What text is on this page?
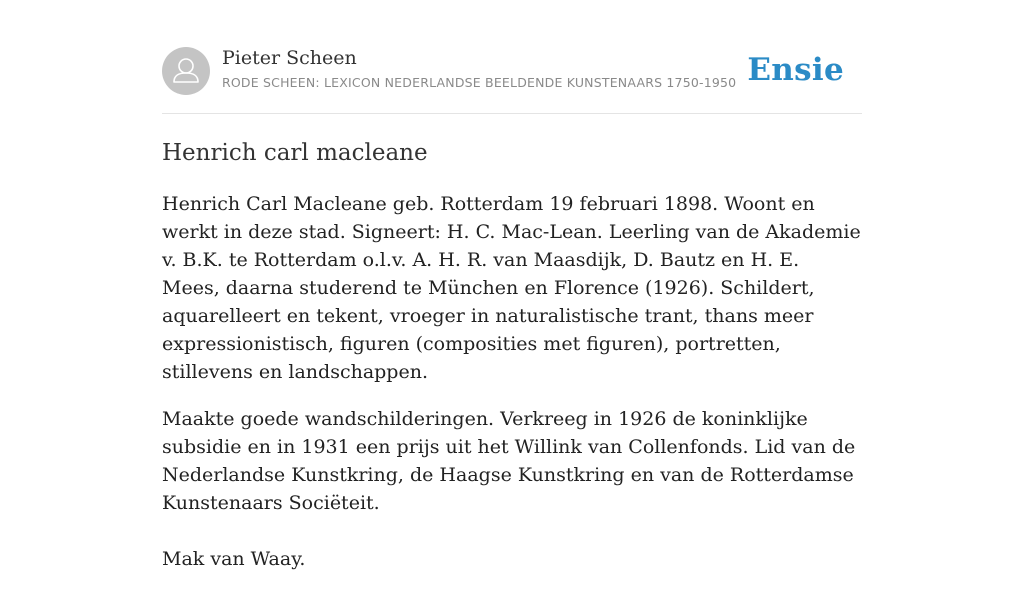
Pieter Scheen
RODE SCHEEN: LEXICON NEDERLANDSE BEELDENDE KUNSTENAARS 1750-1950 Ensie
Henrich carl macleane

Henrich Carl Macleane geb. Rotterdam 19 februari 1898. Woont en werkt in deze stad. Signeert: H. C. Mac-Lean. Leerling van de Akademie v. B.K. te Rotterdam o.l.v. A. H. R. van Maasdijk, D. Bautz en H. E. Mees, daarna studerend te München en Florence (1926). Schildert, aquarelleert en tekent, vroeger in naturalistische trant, thans meer expressionistisch, figuren (composities met figuren), portretten, stillevens en landschappen.

Maakte goede wandschilderingen. Verkreeg in 1926 de koninklijke subsidie en in 1931 een prijs uit het Willink van Collenfonds. Lid van de Nederlandse Kunstkring, de Haagse Kunstkring en van de Rotterdamse Kunstenaars Sociëteit.

Mak van Waay.
